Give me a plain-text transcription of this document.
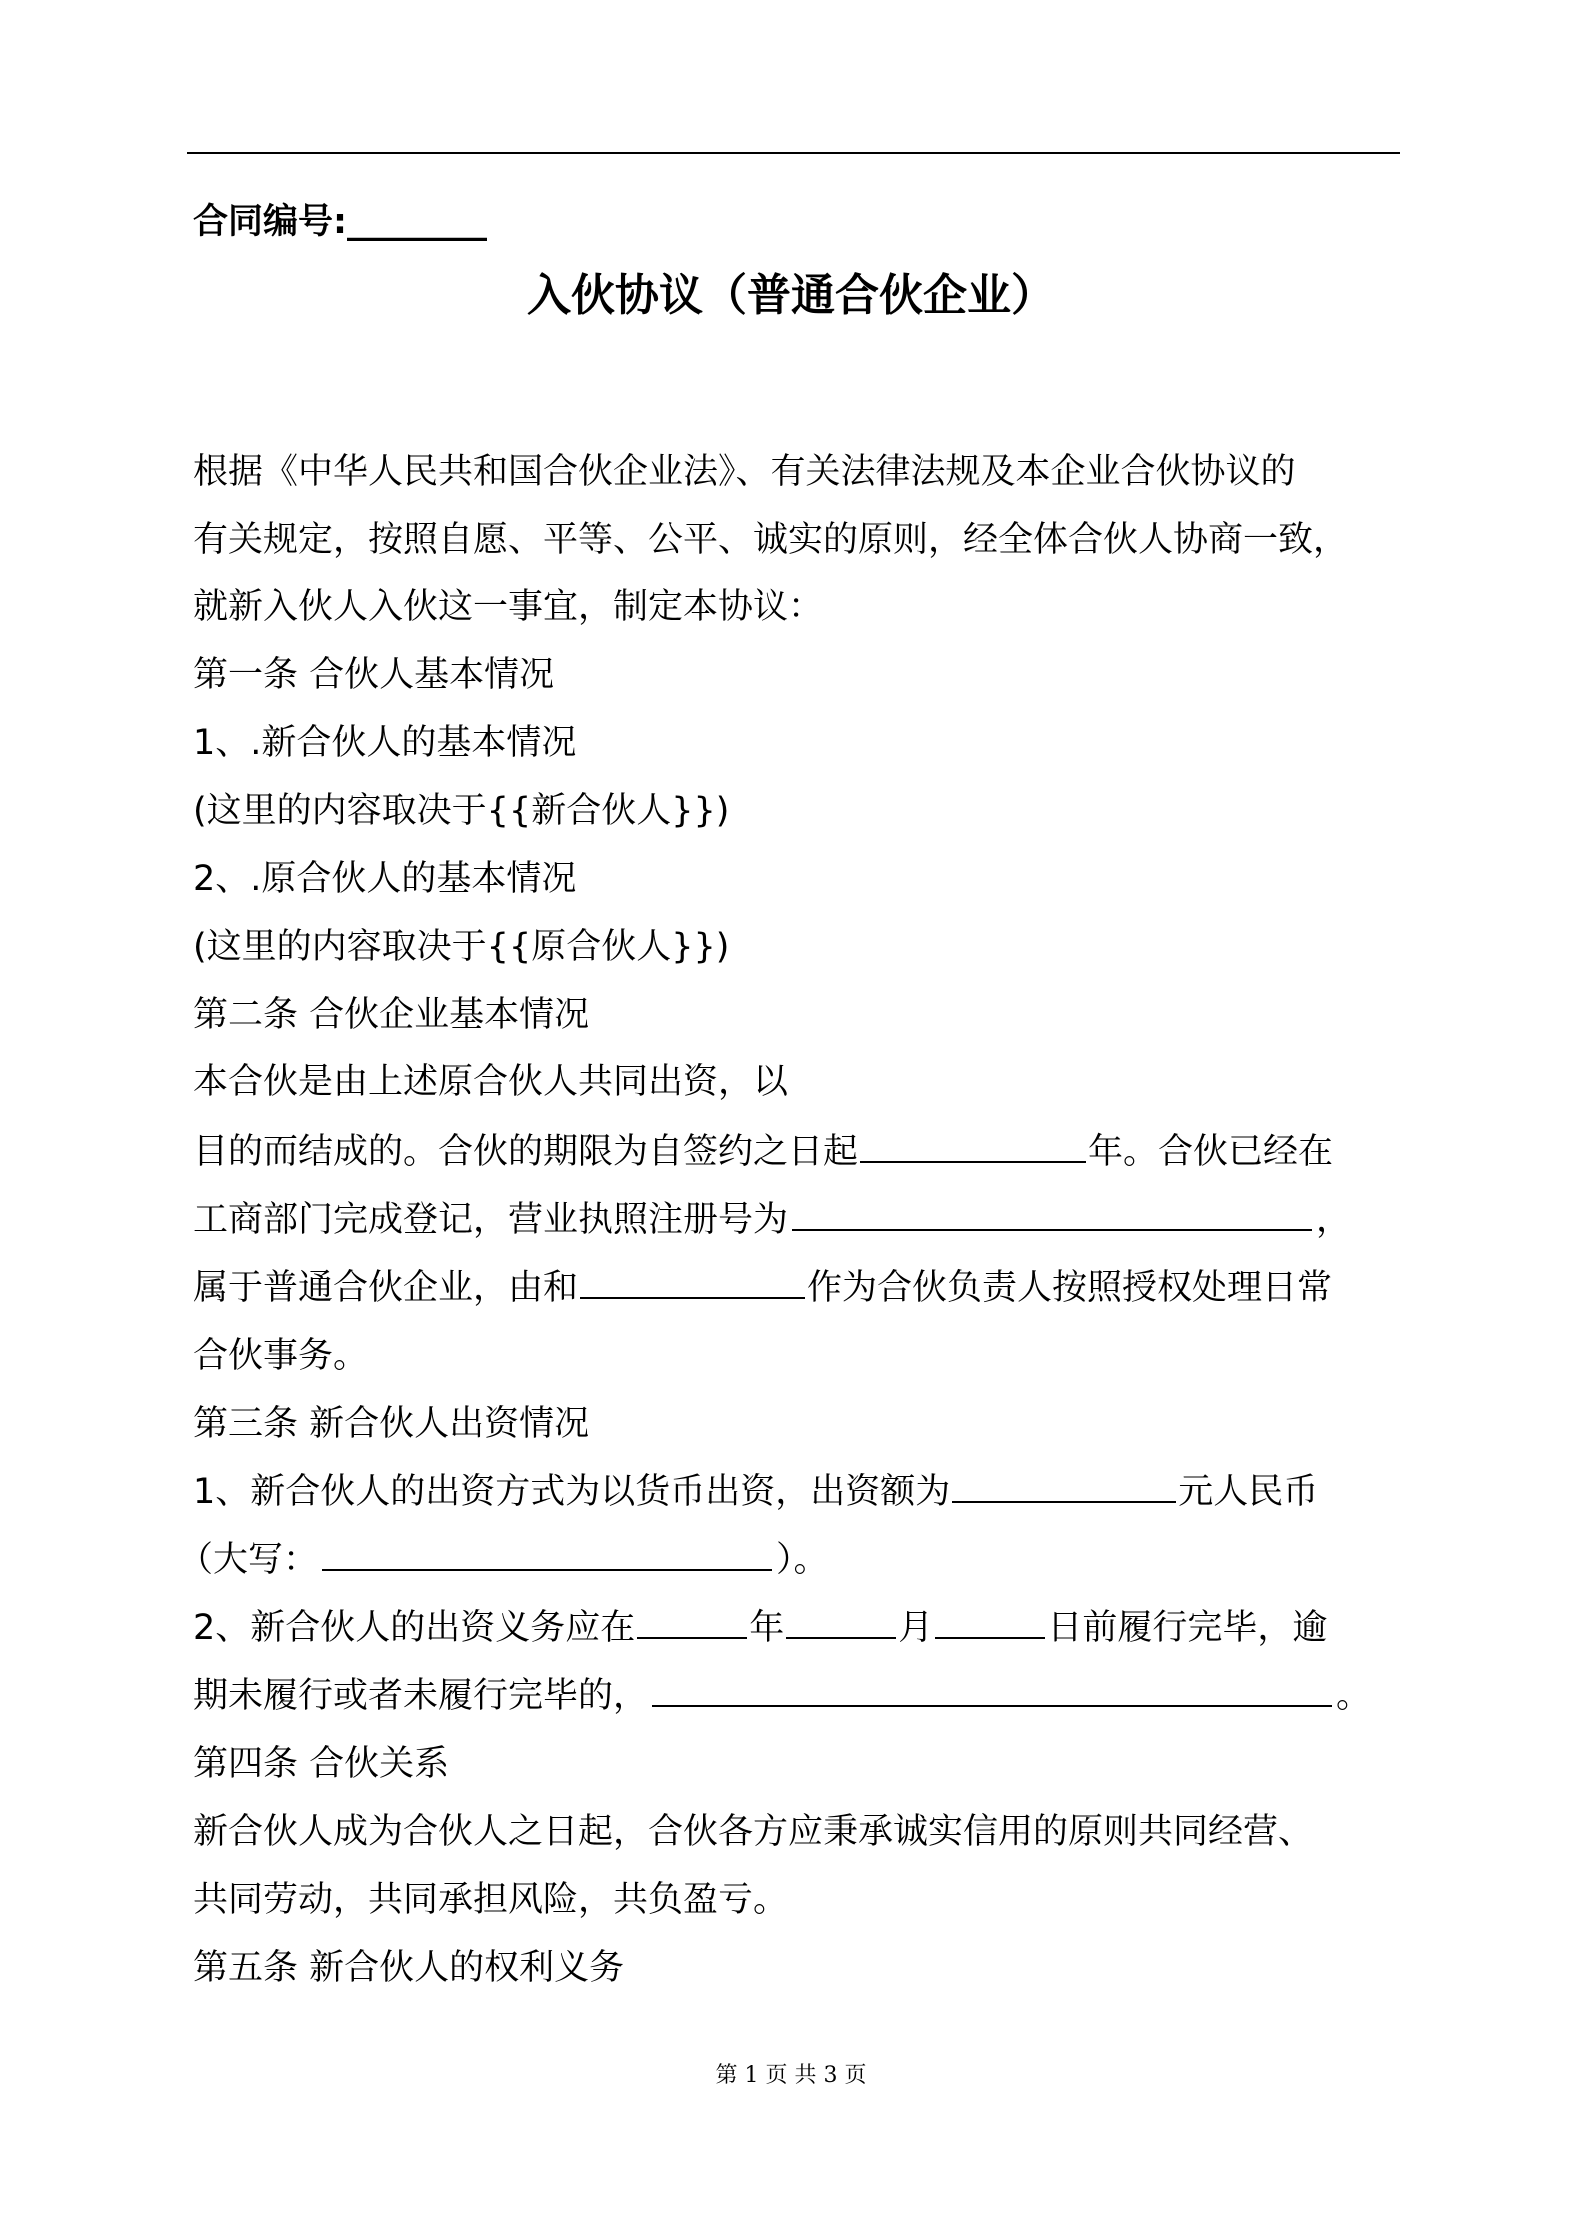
合同编号:________
入伙协议（普通合伙企业）
根据《中华人民共和国合伙企业法》、有关法律法规及本企业合伙协议的
有关规定，按照自愿、平等、公平、诚实的原则，经全体合伙人协商一致，
就新入伙人入伙这一事宜，制定本协议：
第一条 合伙人基本情况
1、.新合伙人的基本情况
(这里的内容取决于{{新合伙人}})
2、.原合伙人的基本情况
(这里的内容取决于{{原合伙人}})
第二条 合伙企业基本情况
本合伙是由上述原合伙人共同出资，以
目的而结成的。合伙的期限为自签约之日起	年。合伙已经在
工商部门完成登记，营业执照注册号为	，
属于普通合伙企业，由和	作为合伙负责人按照授权处理日常
合伙事务。
第三条 新合伙人出资情况
1、新合伙人的出资方式为以货币出资，出资额为	元人民币
（大写：	）。
2、新合伙人的出资义务应在	年	月	日前履行完毕，逾
期未履行或者未履行完毕的，	。
第四条 合伙关系
新合伙人成为合伙人之日起，合伙各方应秉承诚实信用的原则共同经营、
共同劳动，共同承担风险，共负盈亏。
第五条 新合伙人的权利义务
第 1 页 共 3 页
